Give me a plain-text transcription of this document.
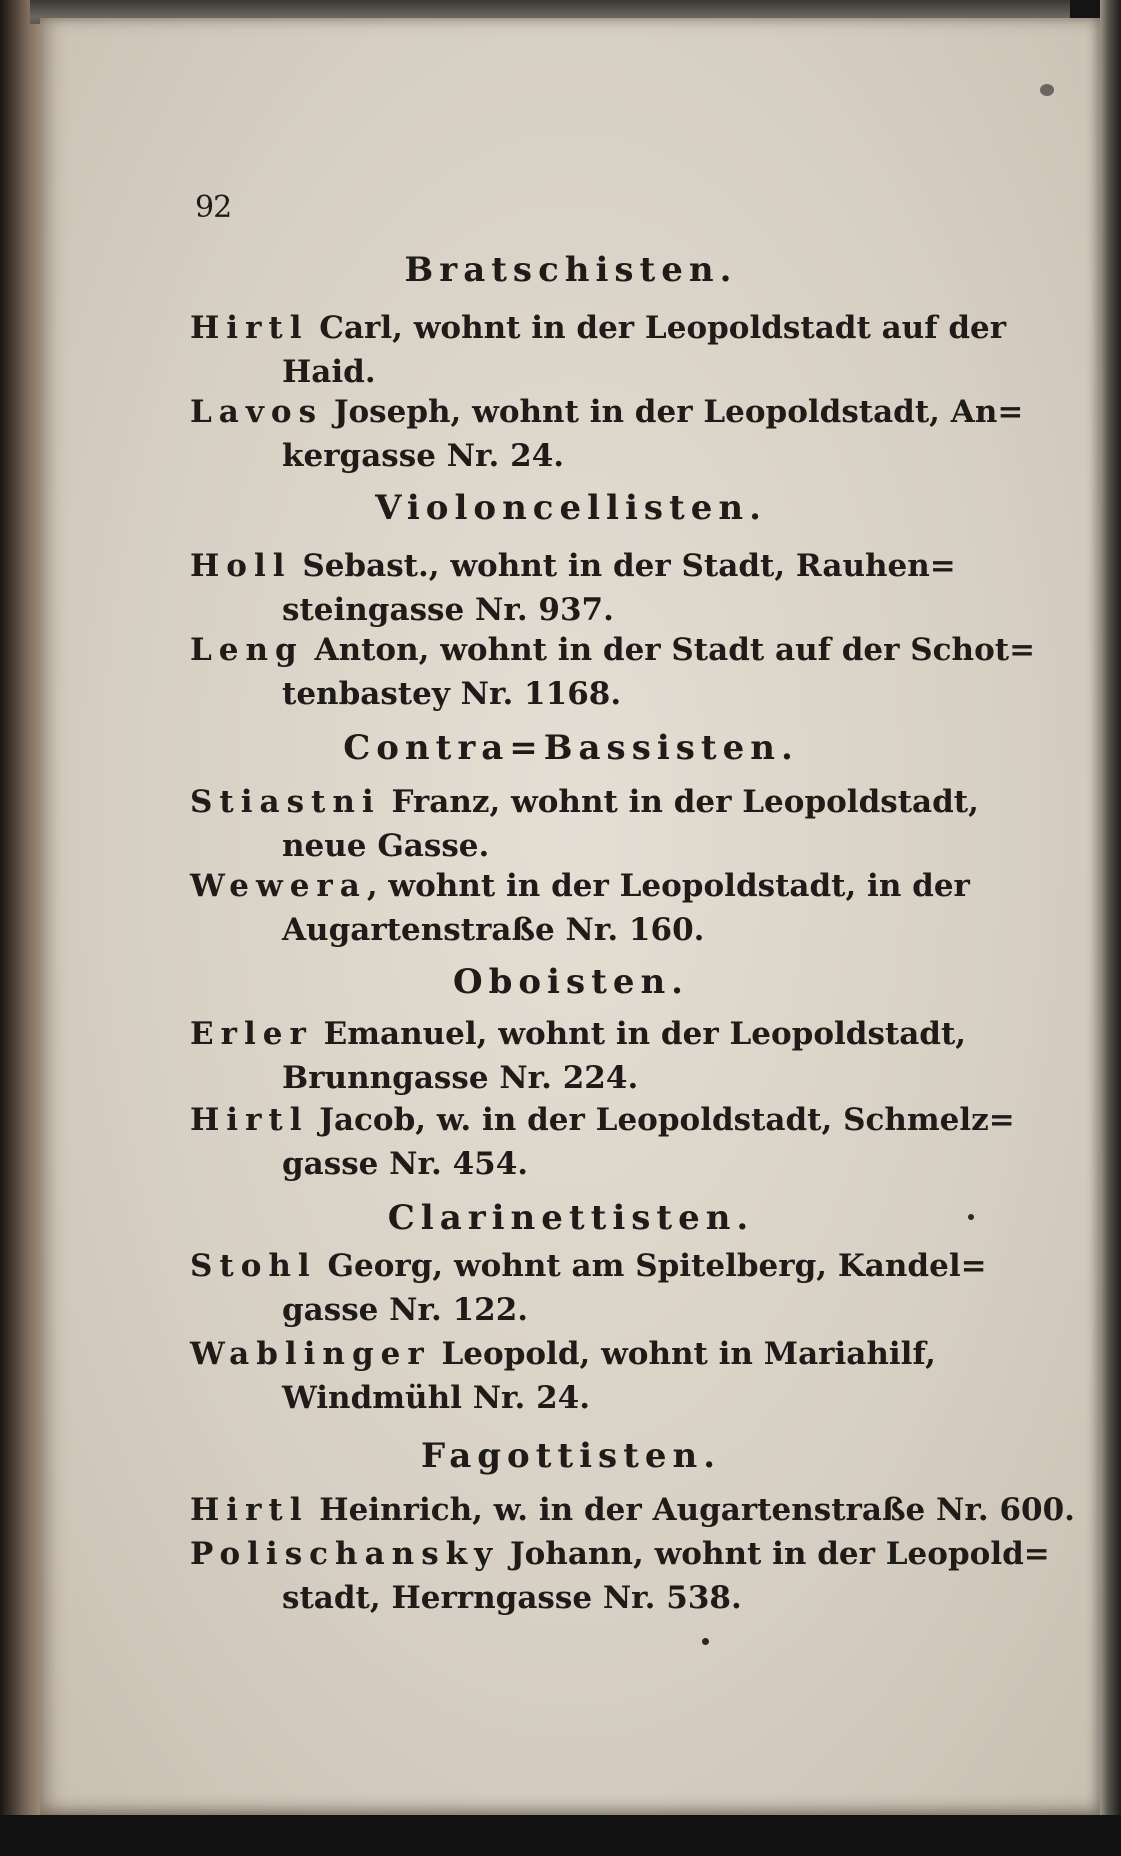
92
Bratschisten.
Hirtl Carl, wohnt in der Leopoldstadt auf der
Haid.
Lavos Joseph, wohnt in der Leopoldstadt, An=
kergasse Nr. 24.
Violoncellisten.
Holl Sebast., wohnt in der Stadt, Rauhen=
steingasse Nr. 937.
Leng Anton, wohnt in der Stadt auf der Schot=
tenbastey Nr. 1168.
Contra=Bassisten.
Stiastni Franz, wohnt in der Leopoldstadt,
neue Gasse.
Wewera, wohnt in der Leopoldstadt, in der
Augartenstraße Nr. 160.
Oboisten.
Erler Emanuel, wohnt in der Leopoldstadt,
Brunngasse Nr. 224.
Hirtl Jacob, w. in der Leopoldstadt, Schmelz=
gasse Nr. 454.
Clarinettisten.
Stohl Georg, wohnt am Spitelberg, Kandel=
gasse Nr. 122.
Wablinger Leopold, wohnt in Mariahilf,
Windmühl Nr. 24.
Fagottisten.
Hirtl Heinrich, w. in der Augartenstraße Nr. 600.
Polischansky Johann, wohnt in der Leopold=
stadt, Herrngasse Nr. 538.
